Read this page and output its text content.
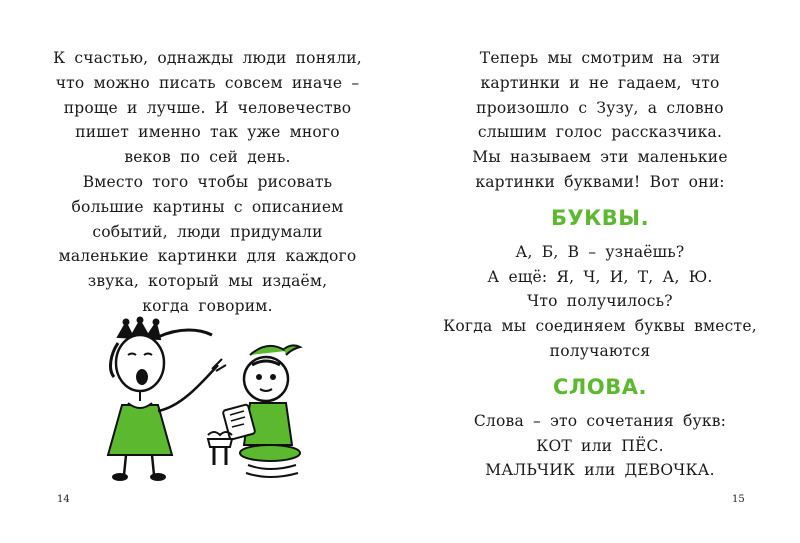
К счастью, однажды люди поняли,
что можно писать совсем иначе –
проще и лучше. И человечество
пишет именно так уже много
веков по сей день.
Вместо того чтобы рисовать
большие картины с описанием
событий, люди придумали
маленькие картинки для каждого
звука, который мы издаём,
когда говорим.
14
Теперь мы смотрим на эти
картинки и не гадаем, что
произошло с Зузу, а словно
слышим голос рассказчика.
Мы называем эти маленькие
картинки буквами! Вот они:
БУКВЫ.
А, Б, В – узнаёшь?
А ещё: Я, Ч, И, Т, А, Ю.
Что получилось?
Когда мы соединяем буквы вместе,
получаются
СЛОВА.
Слова – это сочетания букв:
КОТ или ПЁС.
МАЛЬЧИК или ДЕВОЧКА.
15
